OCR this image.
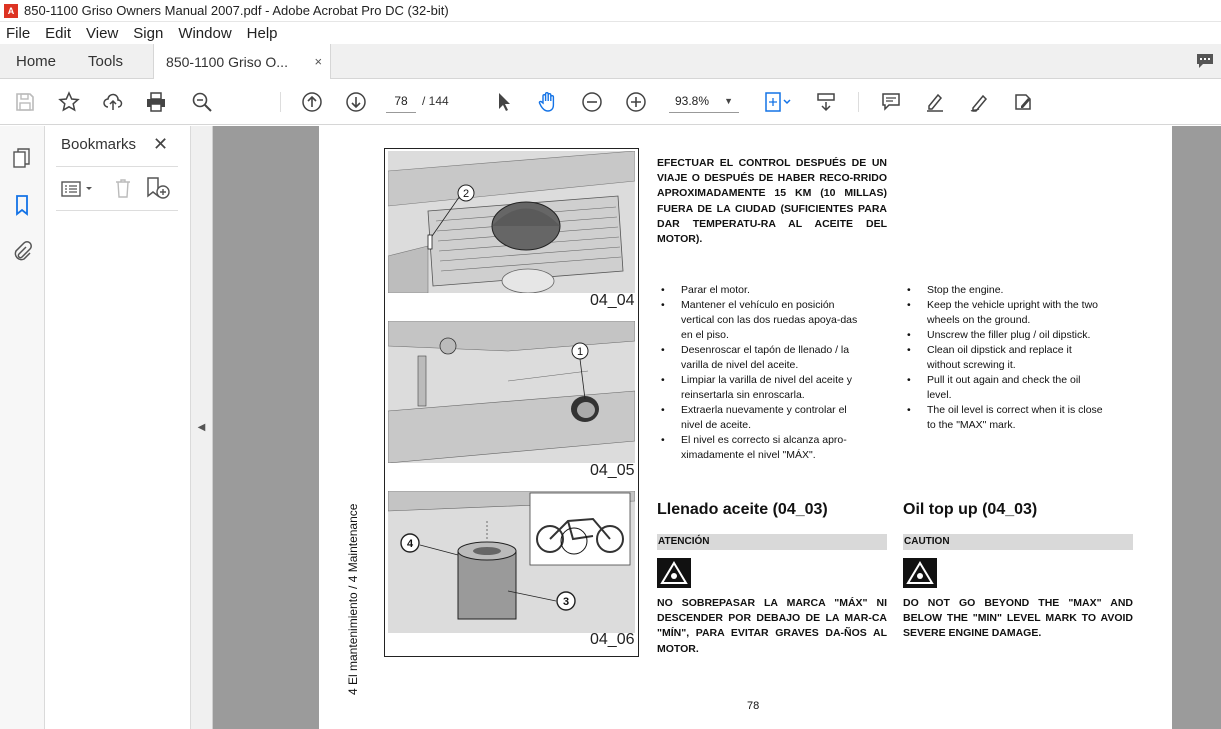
A 850-1100 Griso Owners Manual 2007.pdf - Adobe Acrobat Pro DC (32-bit)
File Edit View Sign Window Help
Home	Tools	850-1100 Griso O... ×
78	/ 144	93.8% ▼
Bookmarks ✕
◀
4 El mantenimiento / 4 Maintenance
2
04_04
1
04_05
4
3
04_06
EFECTUAR EL CONTROL DESPUÉS DE UN VIAJE O DESPUÉS DE HABER RECO-RRIDO APROXIMADAMENTE 15 KM (10 MILLAS) FUERA DE LA CIUDAD (SUFICIENTES PARA DAR TEMPERATU-RA AL ACEITE DEL MOTOR).
• Parar el motor.
• Mantener el vehículo en posición vertical con las dos ruedas apoya-das en el piso.
• Desenroscar el tapón de llenado / la varilla de nivel del aceite.
• Limpiar la varilla de nivel del aceite y reinsertarla sin enroscarla.
• Extraerla nuevamente y controlar el nivel de aceite.
• El nivel es correcto si alcanza apro-ximadamente el nivel "MÁX".
• Stop the engine.
• Keep the vehicle upright with the two wheels on the ground.
• Unscrew the filler plug / oil dipstick.
• Clean oil dipstick and replace it without screwing it.
• Pull it out again and check the oil level.
• The oil level is correct when it is close to the "MAX" mark.
Llenado aceite (04_03)	Oil top up (04_03)
ATENCIÓN	CAUTION
NO SOBREPASAR LA MARCA "MÁX" NI DESCENDER POR DEBAJO DE LA MAR-CA "MÍN", PARA EVITAR GRAVES DA-ÑOS AL MOTOR.
DO NOT GO BEYOND THE "MAX" AND BELOW THE "MIN" LEVEL MARK TO AVOID SEVERE ENGINE DAMAGE.
78
